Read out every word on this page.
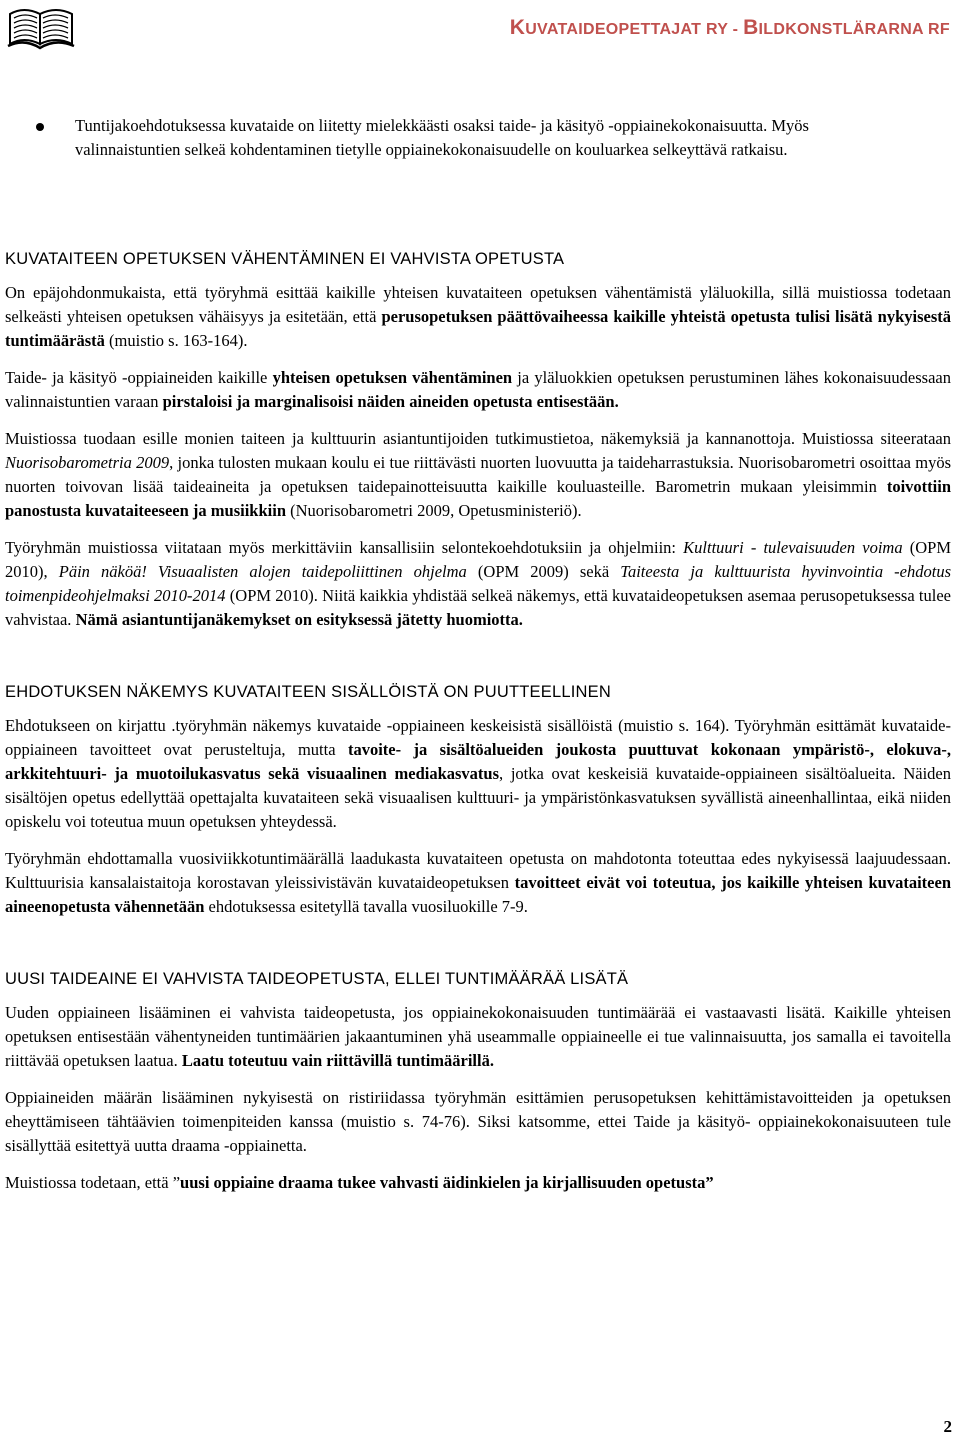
KUVATAIDEOPETTAJAT RY - BILDKONSTLÄRARNA RF
Tuntijakoehdotuksessa kuvataide on liitetty mielekkäästi osaksi taide- ja käsityö -oppiainekokonaisuutta. Myös valinnaistuntien selkeä kohdentaminen tietylle oppiainekokonaisuudelle on kouluarkea selkeyttävä ratkaisu.
KUVATAITEEN OPETUKSEN VÄHENTÄMINEN EI VAHVISTA OPETUSTA

On epäjohdonmukaista, että työryhmä esittää kaikille yhteisen kuvataiteen opetuksen vähentämistä yläluokilla, sillä muistiossa todetaan selkeästi yhteisen opetuksen vähäisyys ja esitetään, että perusopetuksen päättövaiheessa kaikille yhteistä opetusta tulisi lisätä nykyisestä tuntimäärästä (muistio s. 163-164).

Taide- ja käsityö -oppiaineiden kaikille yhteisen opetuksen vähentäminen ja yläluokkien opetuksen perustuminen lähes kokonaisuudessaan valinnaistuntien varaan pirstaloisi ja marginalisoisi näiden aineiden opetusta entisestään.

Muistiossa tuodaan esille monien taiteen ja kulttuurin asiantuntijoiden tutkimustietoa, näkemyksiä ja kannanottoja. Muistiossa siteerataan Nuorisobarometria 2009, jonka tulosten mukaan koulu ei tue riittävästi nuorten luovuutta ja taideharrastuksia. Nuorisobarometri osoittaa myös nuorten toivovan lisää taideaineita ja opetuksen taidepainotteisuutta kaikille kouluasteille. Barometrin mukaan yleisimmin toivottiin panostusta kuvataiteeseen ja musiikkiin (Nuorisobarometri 2009, Opetusministeriö).

Työryhmän muistiossa viitataan myös merkittäviin kansallisiin selontekoehdotuksiin ja ohjelmiin: Kulttuuri - tulevaisuuden voima (OPM 2010), Päin näköä! Visuaalisten alojen taidepoliittinen ohjelma (OPM 2009) sekä Taiteesta ja kulttuurista hyvinvointia -ehdotus toimenpideohjelmaksi 2010-2014 (OPM 2010). Niitä kaikkia yhdistää selkeä näkemys, että kuvataideopetuksen asemaa perusopetuksessa tulee vahvistaa. Nämä asiantuntijanäkemykset on esityksessä jätetty huomiotta.

EHDOTUKSEN NÄKEMYS KUVATAITEEN SISÄLLÖISTÄ ON PUUTTEELLINEN

Ehdotukseen on kirjattu .työryhmän näkemys kuvataide -oppiaineen keskeisistä sisällöistä (muistio s. 164). Työryhmän esittämät kuvataide-oppiaineen tavoitteet ovat perusteltuja, mutta tavoite- ja sisältöalueiden joukosta puuttuvat kokonaan ympäristö-, elokuva-, arkkitehtuuri- ja muotoilukasvatus sekä visuaalinen mediakasvatus, jotka ovat keskeisiä kuvataide-oppiaineen sisältöalueita. Näiden sisältöjen opetus edellyttää opettajalta kuvataiteen sekä visuaalisen kulttuuri- ja ympäristönkasvatuksen syvällistä aineenhallintaa, eikä niiden opiskelu voi toteutua muun opetuksen yhteydessä.

Työryhmän ehdottamalla vuosiviikkotuntimäärällä laadukasta kuvataiteen opetusta on mahdotonta toteuttaa edes nykyisessä laajuudessaan. Kulttuurisia kansalaistaitoja korostavan yleissivistävän kuvataideopetuksen tavoitteet eivät voi toteutua, jos kaikille yhteisen kuvataiteen aineenopetusta vähennetään ehdotuksessa esitetyllä tavalla vuosiluokille 7-9.

UUSI TAIDEAINE EI VAHVISTA TAIDEOPETUSTA, ELLEI TUNTIMÄÄRÄÄ LISÄTÄ

Uuden oppiaineen lisääminen ei vahvista taideopetusta, jos oppiainekokonaisuuden tuntimäärää ei vastaavasti lisätä. Kaikille yhteisen opetuksen entisestään vähentyneiden tuntimäärien jakaantuminen yhä useammalle oppiaineelle ei tue valinnaisuutta, jos samalla ei tavoitella riittävää opetuksen laatua. Laatu toteutuu vain riittävillä tuntimäärillä.

Oppiaineiden määrän lisääminen nykyisestä on ristiriidassa työryhmän esittämien perusopetuksen kehittämistavoitteiden ja opetuksen eheyttämiseen tähtäävien toimenpiteiden kanssa (muistio s. 74-76). Siksi katsomme, ettei Taide ja käsityö- oppiainekokonaisuuteen tule sisällyttää esitettyä uutta draama -oppiainetta.

Muistiossa todetaan, että ”uusi oppiaine draama tukee vahvasti äidinkielen ja kirjallisuuden opetusta”

2
